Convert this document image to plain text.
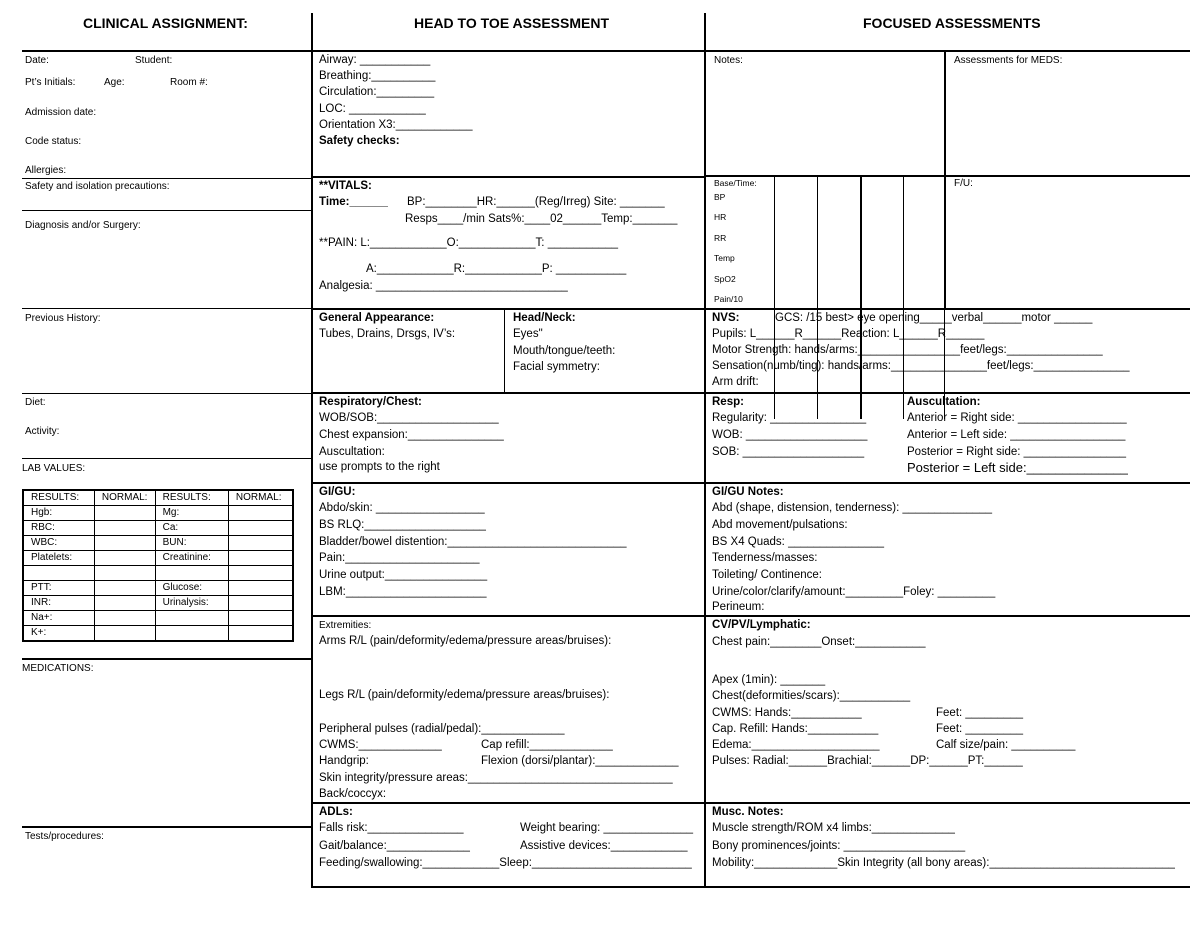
CLINICAL ASSIGNMENT:	HEAD TO TOE ASSESSMENT	FOCUSED ASSESSMENTS
Date:	Student:
Pt’s Initials:	Age:	Room #:
Admission date:
Code status:
Allergies:
Safety and isolation precautions:
Diagnosis and/or Surgery:
Previous History:
Diet:
Activity:
LAB VALUES:
MEDICATIONS:
Tests/procedures:
RESULTS:	NORMAL:	RESULTS:	NORMAL:
Hgb:		Mg:	
RBC:		Ca:	
WBC:		BUN:	
Platelets:		Creatinine:	

PTT:		Glucose:	
INR:		Urinalysis:	
Na+:			
K+:			
Airway: ___________
Breathing:__________
Circulation:_________
LOC: ____________
Orientation X3:____________
Safety checks:
**VITALS:
Time:______ BP:________HR:______(Reg/Irreg) Site: _______
Resps____/min Sats%:____02______Temp:_______
**PAIN: L:____________O:____________T: ___________
A:____________R:____________P: ___________
Analgesia: ______________________________
General Appearance:
Tubes, Drains, Drsgs, IV’s:
Head/Neck:
Eyes"
Mouth/tongue/teeth:
Facial symmetry:
Respiratory/Chest:
WOB/SOB:___________________
Chest expansion:_______________
Auscultation:
use prompts to the right
GI/GU:
Abdo/skin: _________________
BS RLQ:___________________
Bladder/bowel distention:____________________________
Pain:_____________________
Urine output:________________
LBM:______________________
Extremities:
Arms R/L (pain/deformity/edema/pressure areas/bruises):
Legs R/L (pain/deformity/edema/pressure areas/bruises):
Peripheral pulses (radial/pedal):_____________
CWMS:_____________	Cap refill:_____________
Handgrip:	Flexion (dorsi/plantar):_____________
Skin integrity/pressure areas:________________________________
Back/coccyx:
ADLs:
Falls risk:_______________	Weight bearing: ______________
Gait/balance:_____________	Assistive devices:____________
Feeding/swallowing:____________Sleep:_________________________
Notes:	Assessments for MEDS:
Base/Time:
BP
HR
RR
Temp
SpO2
Pain/10
F/U:
NVS:	GCS: /15 best> eye opening_____verbal______motor ______
Pupils: L______R______Reaction: L______R______
Motor Strength: hands/arms:________________feet/legs:_______________
Sensation(numb/ting): hands/arms:_______________feet/legs:_______________
Arm drift:
Resp:
Regularity: _______________
WOB: ___________________
SOB: ___________________
Auscultation:
Anterior = Right side: _________________
Anterior = Left side: __________________
Posterior = Right side: ________________
Posterior = Left side:______________
GI/GU Notes:
Abd (shape, distension, tenderness): ______________
Abd movement/pulsations:
BS X4 Quads: _______________
Tenderness/masses:
Toileting/ Continence:
Urine/color/clarify/amount:_________Foley: _________
Perineum:
CV/PV/Lymphatic:
Chest pain:________Onset:___________
Apex (1min): _______
Chest(deformities/scars):___________
CWMS: Hands:___________	Feet: _________
Cap. Refill: Hands:___________	Feet: _________
Edema:____________________	Calf size/pain: __________
Pulses: Radial:______Brachial:______DP:______PT:______
Musc. Notes:
Muscle strength/ROM x4 limbs:_____________
Bony prominences/joints: ___________________
Mobility:_____________Skin Integrity (all bony areas):_____________________________
